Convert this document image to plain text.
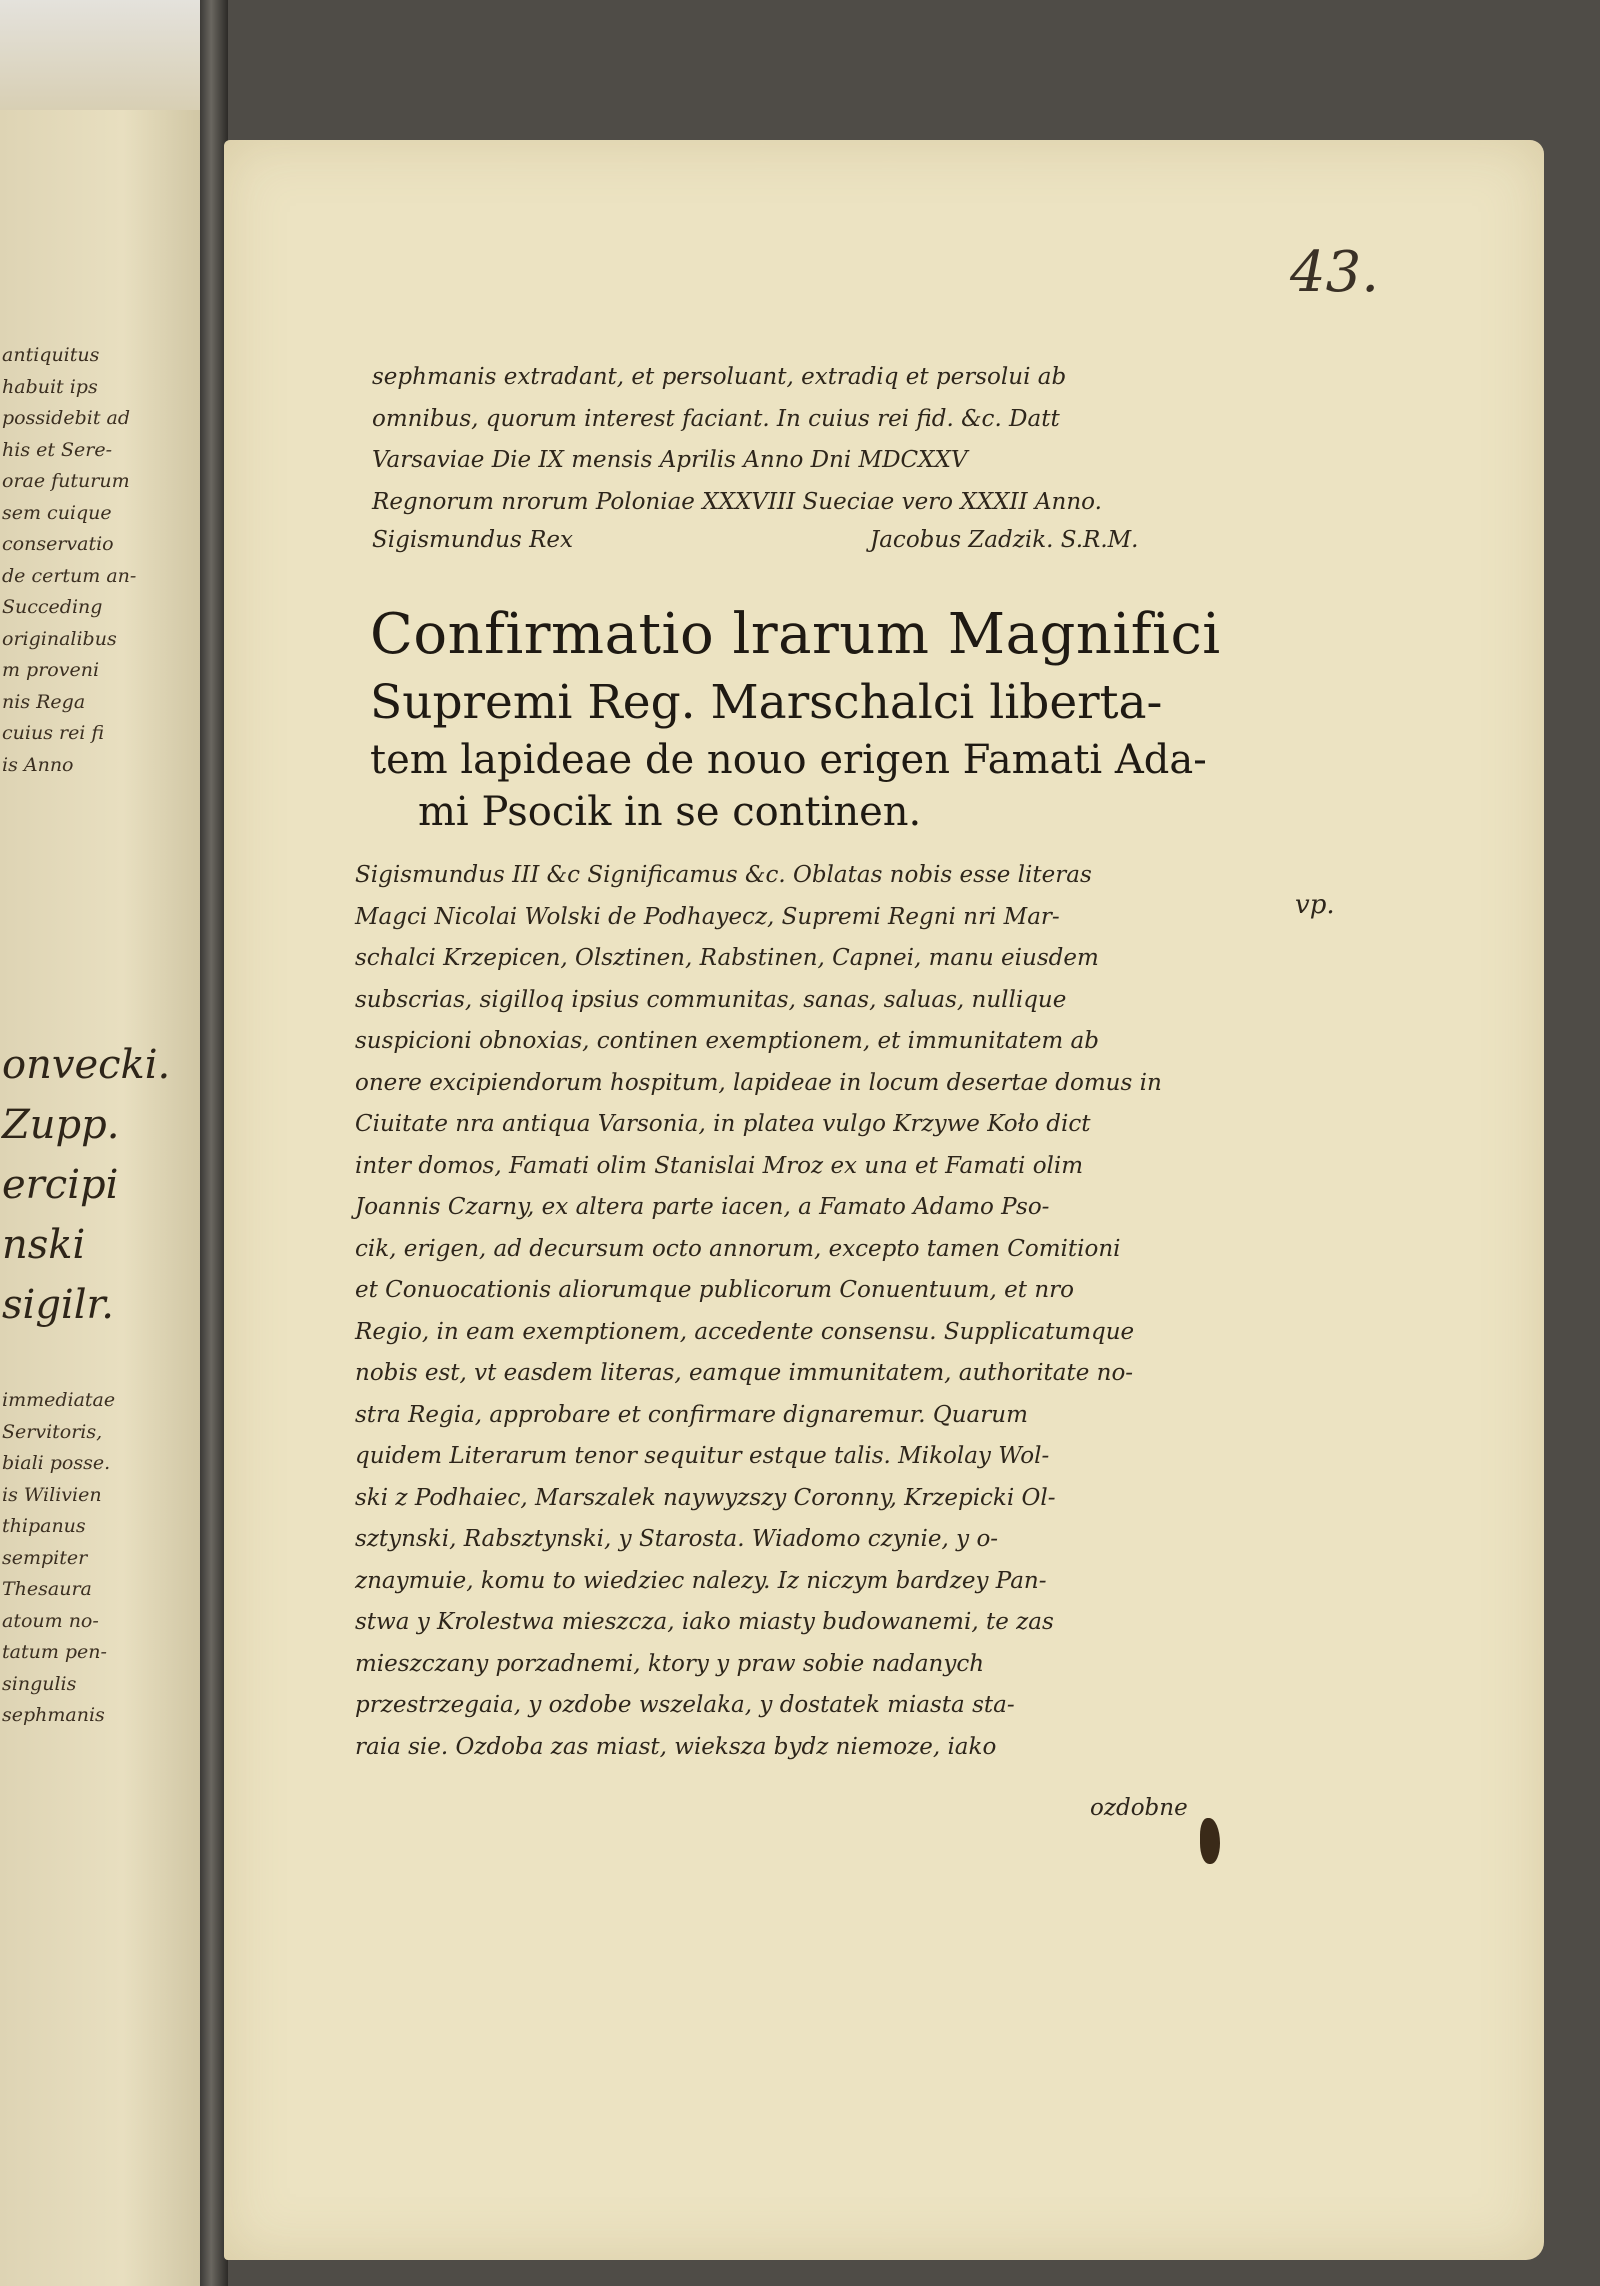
antiquitus
habuit ips
possidebit ad
his et Sere-
orae futurum
sem cuique
conservatio
de certum an-
Succeding
originalibus
m proveni
nis Rega
cuius rei fi
is Anno
onvecki.
Zupp.
ercipi
nski
sigilr.
immediatae
Servitoris,
biali posse.
is Wilivien
thipanus
sempiter
Thesaura
atoum no-
tatum pen-
singulis
sephmanis
43.
sephmanis extradant, et persoluant, extradiq et persolui ab
omnibus, quorum interest faciant. In cuius rei fid. &c. Datt
Varsaviae Die IX mensis Aprilis Anno Dni MDCXXV
Regnorum nrorum Poloniae XXXVIII Sueciae vero XXXII Anno.
Sigismundus Rex	Jacobus Zadzik. S.R.M.
Confirmatio lrarum Magnifici
Supremi Reg. Marschalci liberta-
tem lapideae de nouo erigen Famati Ada-
mi Psocik in se continen.
vp.
Sigismundus III &c Significamus &c. Oblatas nobis esse literas
Magci Nicolai Wolski de Podhayecz, Supremi Regni nri Mar-
schalci Krzepicen, Olsztinen, Rabstinen, Capnei, manu eiusdem
subscrias, sigilloq ipsius communitas, sanas, saluas, nullique
suspicioni obnoxias, continen exemptionem, et immunitatem ab
onere excipiendorum hospitum, lapideae in locum desertae domus in
Ciuitate nra antiqua Varsonia, in platea vulgo Krzywe Koło dict
inter domos, Famati olim Stanislai Mroz ex una et Famati olim
Joannis Czarny, ex altera parte iacen, a Famato Adamo Pso-
cik, erigen, ad decursum octo annorum, excepto tamen Comitioni
et Conuocationis aliorumque publicorum Conuentuum, et nro
Regio, in eam exemptionem, accedente consensu. Supplicatumque
nobis est, vt easdem literas, eamque immunitatem, authoritate no-
stra Regia, approbare et confirmare dignaremur. Quarum
quidem Literarum tenor sequitur estque talis. Mikolay Wol-
ski z Podhaiec, Marszalek naywyzszy Coronny, Krzepicki Ol-
sztynski, Rabsztynski, y Starosta. Wiadomo czynie, y o-
znaymuie, komu to wiedziec nalezy. Iz niczym bardzey Pan-
stwa y Krolestwa mieszcza, iako miasty budowanemi, te zas
mieszczany porzadnemi, ktory y praw sobie nadanych
przestrzegaia, y ozdobe wszelaka, y dostatek miasta sta-
raia sie. Ozdoba zas miast, wieksza bydz niemoze, iako
ozdobne
